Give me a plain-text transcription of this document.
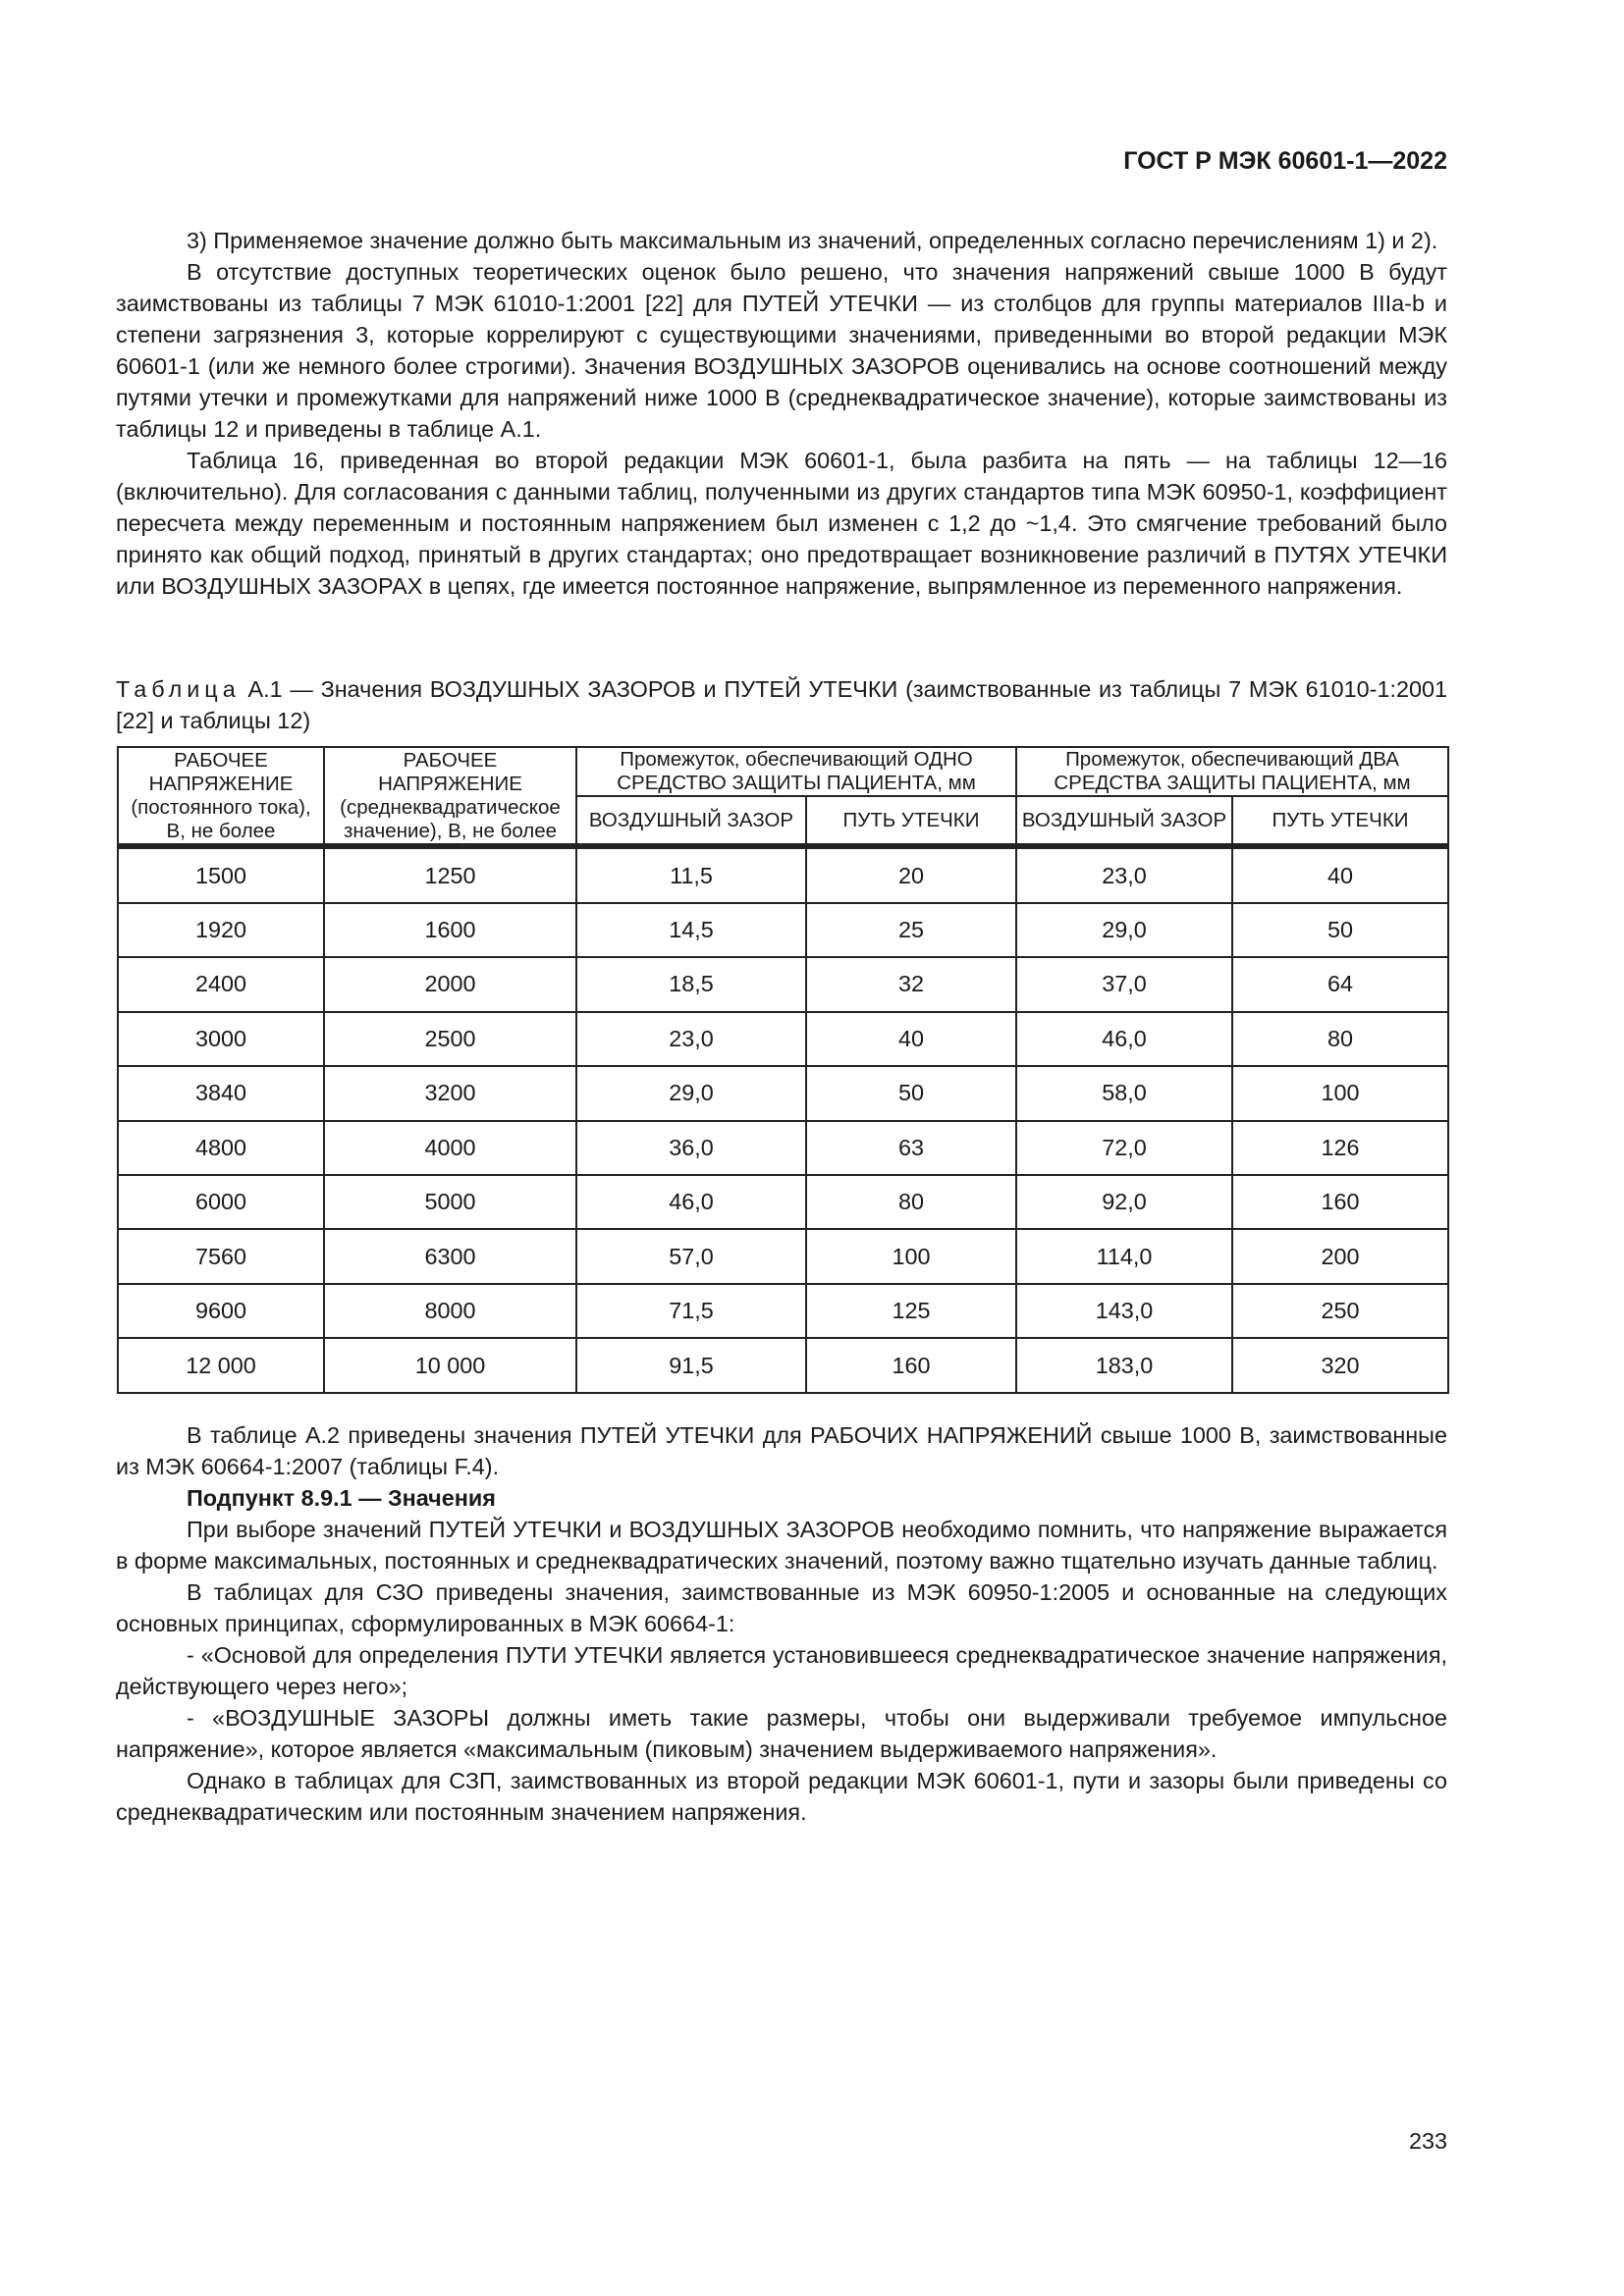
ГОСТ Р МЭК 60601-1—2022

3) Применяемое значение должно быть максимальным из значений, определенных согласно перечислениям 1) и 2).

В отсутствие доступных теоретических оценок было решено, что значения напряжений свыше 1000 В будут заимствованы из таблицы 7 МЭК 61010-1:2001 [22] для ПУТЕЙ УТЕЧКИ — из столбцов для группы материалов IIIa-b и степени загрязнения 3, которые коррелируют с существующими значениями, приведенными во второй редакции МЭК 60601-1 (или же немного более строгими). Значения ВОЗДУШНЫХ ЗАЗОРОВ оценивались на основе соотношений между путями утечки и промежутками для напряжений ниже 1000 В (среднеквадратическое значение), которые заимствованы из таблицы 12 и приведены в таблице А.1.

Таблица 16, приведенная во второй редакции МЭК 60601-1, была разбита на пять — на таблицы 12—16 (включительно). Для согласования с данными таблиц, полученными из других стандартов типа МЭК 60950-1, коэффициент пересчета между переменным и постоянным напряжением был изменен с 1,2 до ~1,4. Это смягчение требований было принято как общий подход, принятый в других стандартах; оно предотвращает возникновение различий в ПУТЯХ УТЕЧКИ или ВОЗДУШНЫХ ЗАЗОРАХ в цепях, где имеется постоянное напряжение, выпрямленное из переменного напряжения.

Таблица А.1 — Значения ВОЗДУШНЫХ ЗАЗОРОВ и ПУТЕЙ УТЕЧКИ (заимствованные из таблицы 7 МЭК 61010-1:2001 [22] и таблицы 12)
РАБОЧЕЕ НАПРЯЖЕНИЕ (постоянного тока), В, не более	РАБОЧЕЕ НАПРЯЖЕНИЕ (среднеквадратическое значение), В, не более	Промежуток, обеспечивающий ОДНО СРЕДСТВО ЗАЩИТЫ ПАЦИЕНТА, мм		Промежуток, обеспечивающий ДВА СРЕДСТВА ЗАЩИТЫ ПАЦИЕНТА, мм	
		ВОЗДУШНЫЙ ЗАЗОР	ПУТЬ УТЕЧКИ	ВОЗДУШНЫЙ ЗАЗОР	ПУТЬ УТЕЧКИ

1500	1250	11,5	20	23,0	40
1920	1600	14,5	25	29,0	50
2400	2000	18,5	32	37,0	64
3000	2500	23,0	40	46,0	80
3840	3200	29,0	50	58,0	100
4800	4000	36,0	63	72,0	126
6000	5000	46,0	80	92,0	160
7560	6300	57,0	100	114,0	200
9600	8000	71,5	125	143,0	250
12 000	10 000	91,5	160	183,0	320

В таблице А.2 приведены значения ПУТЕЙ УТЕЧКИ для РАБОЧИХ НАПРЯЖЕНИЙ свыше 1000 В, заимствованные из МЭК 60664-1:2007 (таблицы F.4).

Подпункт 8.9.1 — Значения

При выборе значений ПУТЕЙ УТЕЧКИ и ВОЗДУШНЫХ ЗАЗОРОВ необходимо помнить, что напряжение выражается в форме максимальных, постоянных и среднеквадратических значений, поэтому важно тщательно изучать данные таблиц.

В таблицах для СЗО приведены значения, заимствованные из МЭК 60950-1:2005 и основанные на следующих основных принципах, сформулированных в МЭК 60664-1:

- «Основой для определения ПУТИ УТЕЧКИ является установившееся среднеквадратическое значение напряжения, действующего через него»;

- «ВОЗДУШНЫЕ ЗАЗОРЫ должны иметь такие размеры, чтобы они выдерживали требуемое импульсное напряжение», которое является «максимальным (пиковым) значением выдерживаемого напряжения».

Однако в таблицах для СЗП, заимствованных из второй редакции МЭК 60601-1, пути и зазоры были приведены со среднеквадратическим или постоянным значением напряжения.

233
